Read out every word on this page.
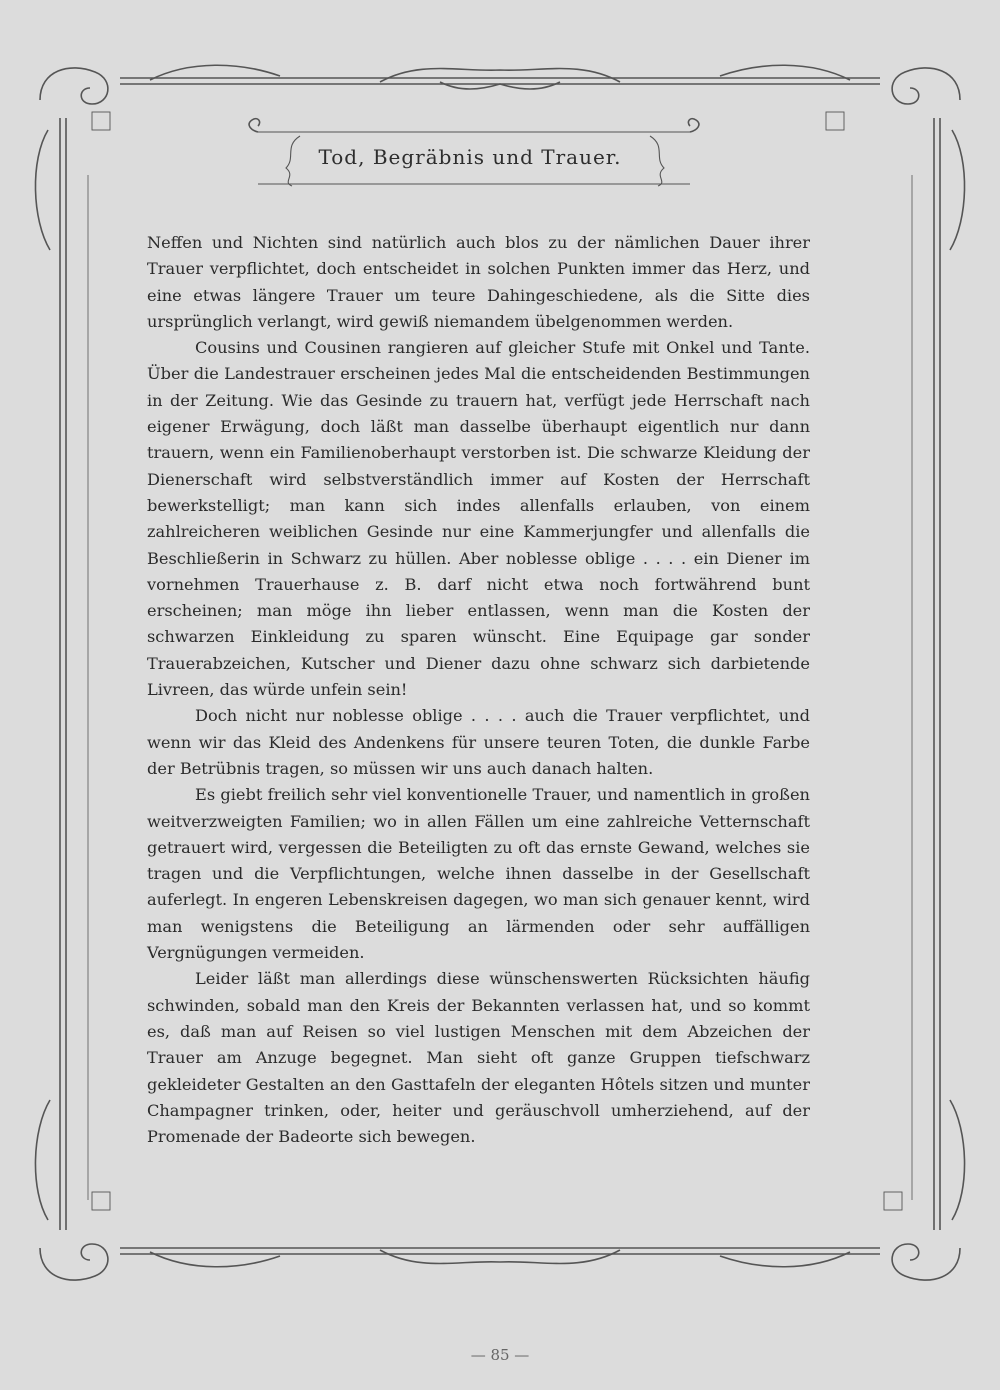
Tod, Begräbnis und Trauer.

Neffen und Nichten sind natürlich auch blos zu der nämlichen Dauer ihrer Trauer verpflichtet, doch entscheidet in solchen Punkten immer das Herz, und eine etwas längere Trauer um teure Dahingeschiedene, als die Sitte dies ursprünglich verlangt, wird gewiß niemandem übelgenommen werden.

Cousins und Cousinen rangieren auf gleicher Stufe mit Onkel und Tante. Über die Landestrauer erscheinen jedes Mal die entscheidenden Bestimmungen in der Zeitung. Wie das Gesinde zu trauern hat, verfügt jede Herrschaft nach eigener Erwägung, doch läßt man dasselbe überhaupt eigentlich nur dann trauern, wenn ein Familienoberhaupt verstorben ist. Die schwarze Kleidung der Dienerschaft wird selbstverständlich immer auf Kosten der Herrschaft bewerkstelligt; man kann sich indes allenfalls erlauben, von einem zahlreicheren weiblichen Gesinde nur eine Kammerjungfer und allenfalls die Beschließerin in Schwarz zu hüllen. Aber noblesse oblige . . . . ein Diener im vornehmen Trauerhause z. B. darf nicht etwa noch fortwährend bunt erscheinen; man möge ihn lieber entlassen, wenn man die Kosten der schwarzen Einkleidung zu sparen wünscht. Eine Equipage gar sonder Trauerabzeichen, Kutscher und Diener dazu ohne schwarz sich darbietende Livreen, das würde unfein sein!

Doch nicht nur noblesse oblige . . . . auch die Trauer verpflichtet, und wenn wir das Kleid des Andenkens für unsere teuren Toten, die dunkle Farbe der Betrübnis tragen, so müssen wir uns auch danach halten.

Es giebt freilich sehr viel konventionelle Trauer, und namentlich in großen weitverzweigten Familien; wo in allen Fällen um eine zahlreiche Vetternschaft getrauert wird, vergessen die Beteiligten zu oft das ernste Gewand, welches sie tragen und die Verpflichtungen, welche ihnen dasselbe in der Gesellschaft auferlegt. In engeren Lebenskreisen dagegen, wo man sich genauer kennt, wird man wenigstens die Beteiligung an lärmenden oder sehr auffälligen Vergnügungen vermeiden.

Leider läßt man allerdings diese wünschenswerten Rücksichten häufig schwinden, sobald man den Kreis der Bekannten verlassen hat, und so kommt es, daß man auf Reisen so viel lustigen Menschen mit dem Abzeichen der Trauer am Anzuge begegnet. Man sieht oft ganze Gruppen tiefschwarz gekleideter Gestalten an den Gasttafeln der eleganten Hôtels sitzen und munter Champagner trinken, oder, heiter und geräuschvoll umherziehend, auf der Promenade der Badeorte sich bewegen.

— 85 —
